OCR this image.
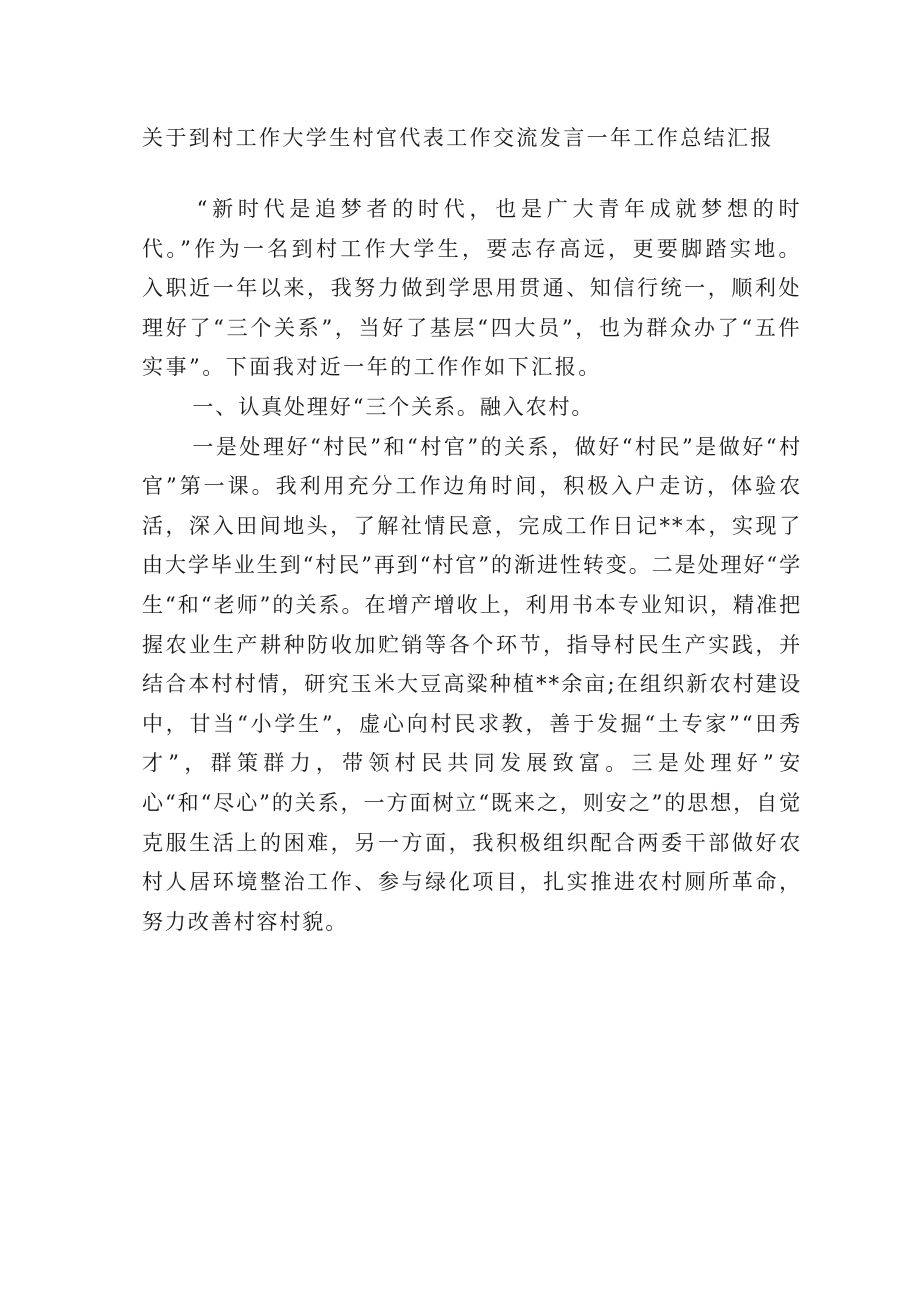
关于到村工作大学生村官代表工作交流发言一年工作总结汇报

“新时代是追梦者的时代，也是广大青年成就梦想的时代。”作为一名到村工作大学生，要志存高远，更要脚踏实地。入职近一年以来，我努力做到学思用贯通、知信行统一，顺利处理好了“三个关系”，当好了基层“四大员”，也为群众办了“五件实事”。下面我对近一年的工作作如下汇报。

一、认真处理好“三个关系。融入农村。

一是处理好“村民”和“村官”的关系，做好“村民”是做好“村官”第一课。我利用充分工作边角时间，积极入户走访，体验农活，深入田间地头，了解社情民意，完成工作日记**本，实现了由大学毕业生到“村民”再到“村官”的渐进性转变。二是处理好“学生“和“老师”的关系。在增产增收上，利用书本专业知识，精准把握农业生产耕种防收加贮销等各个环节，指导村民生产实践，并结合本村村情，研究玉米大豆高粱种植**余亩;在组织新农村建设中，甘当“小学生”，虚心向村民求教，善于发掘“土专家”“田秀才”，群策群力，带领村民共同发展致富。三是处理好”安心“和“尽心”的关系，一方面树立“既来之，则安之”的思想，自觉克服生活上的困难，另一方面，我积极组织配合两委干部做好农村人居环境整治工作、参与绿化项目，扎实推进农村厕所革命，努力改善村容村貌。
